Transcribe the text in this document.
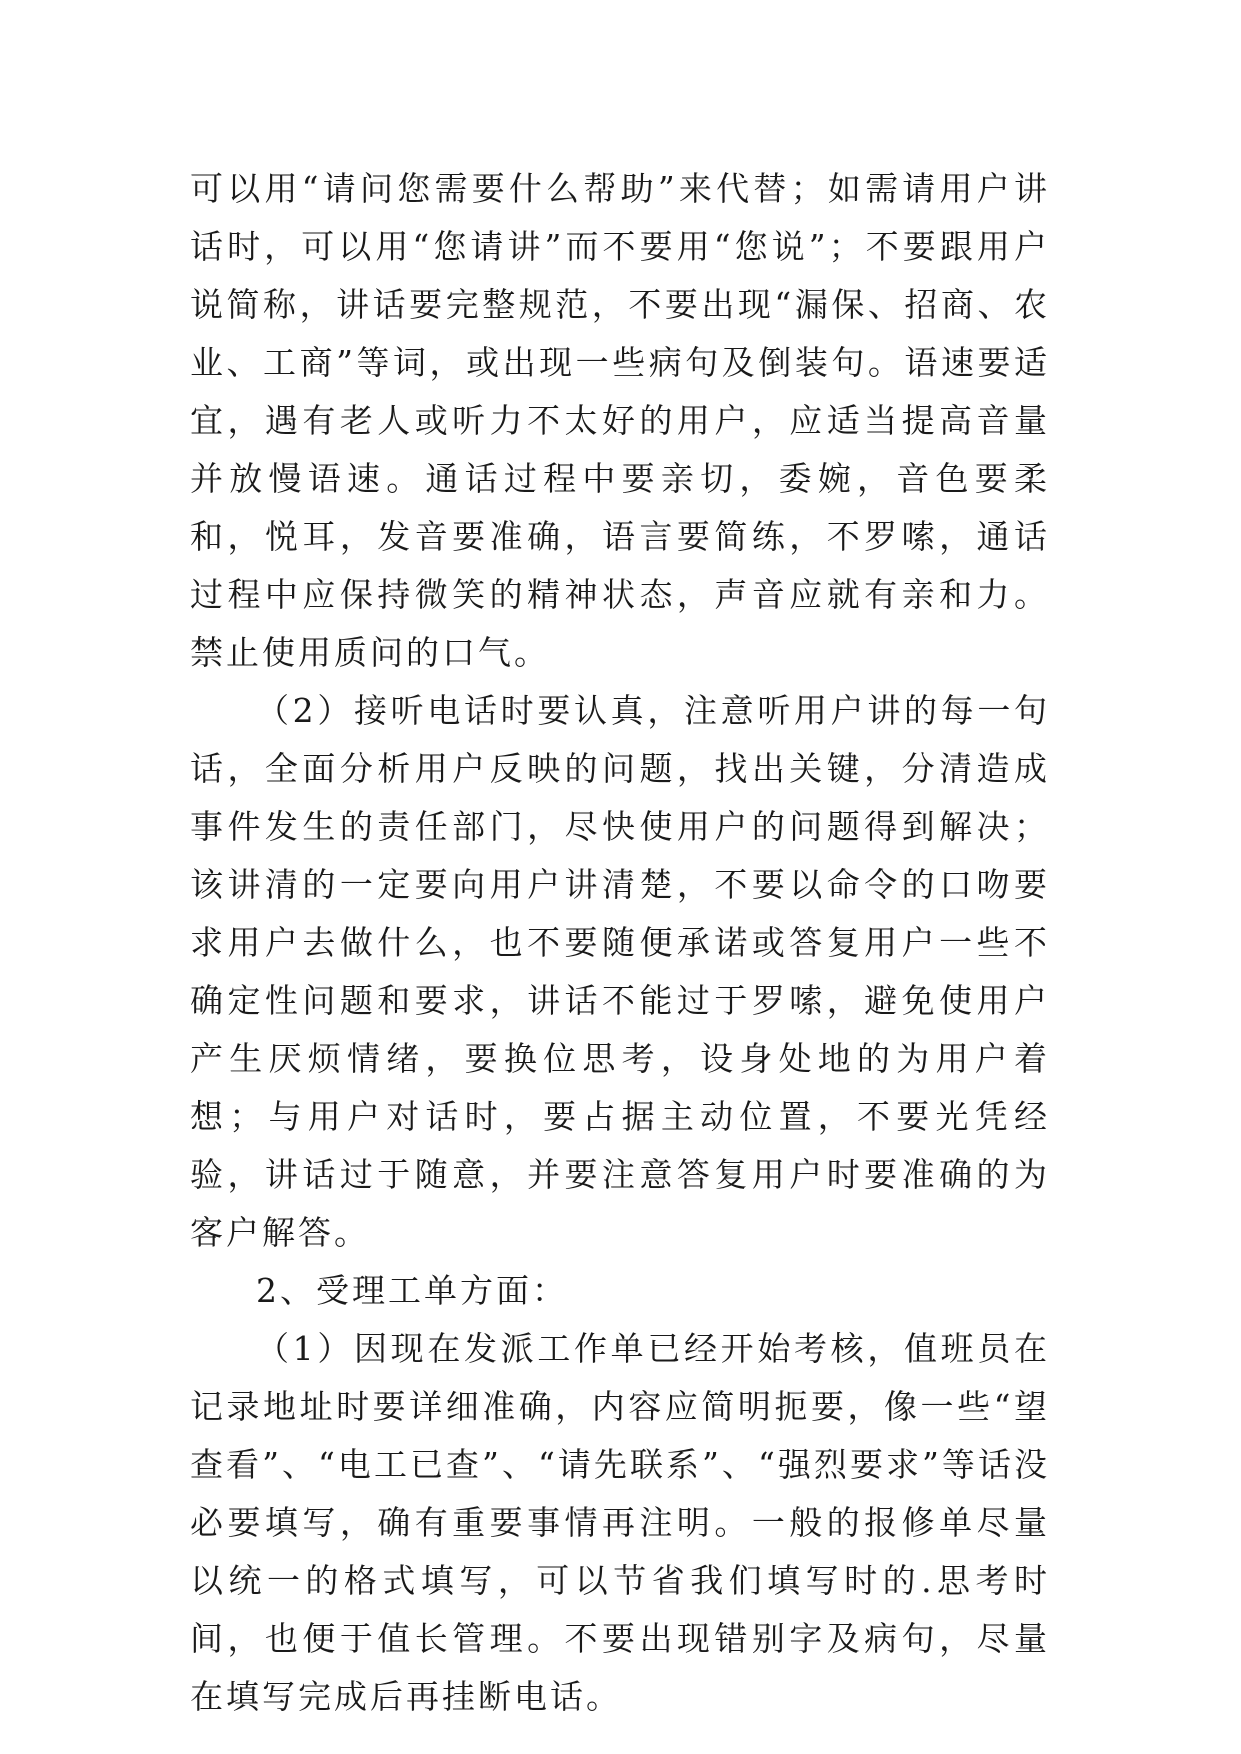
可以用“请问您需要什么帮助”来代替；如需请用户讲话时，可以用“您请讲”而不要用“您说”；不要跟用户说简称，讲话要完整规范，不要出现“漏保、招商、农业、工商”等词，或出现一些病句及倒装句。语速要适宜，遇有老人或听力不太好的用户，应适当提高音量并放慢语速。通话过程中要亲切，委婉，音色要柔和，悦耳，发音要准确，语言要简练，不罗嗦，通话过程中应保持微笑的精神状态，声音应就有亲和力。禁止使用质问的口气。

（2）接听电话时要认真，注意听用户讲的每一句话，全面分析用户反映的问题，找出关键，分清造成事件发生的责任部门，尽快使用户的问题得到解决；该讲清的一定要向用户讲清楚，不要以命令的口吻要求用户去做什么，也不要随便承诺或答复用户一些不确定性问题和要求，讲话不能过于罗嗦，避免使用户产生厌烦情绪，要换位思考，设身处地的为用户着想；与用户对话时，要占据主动位置，不要光凭经验，讲话过于随意，并要注意答复用户时要准确的为客户解答。

2、受理工单方面：

（1）因现在发派工作单已经开始考核，值班员在记录地址时要详细准确，内容应简明扼要，像一些“望查看”、“电工已查”、“请先联系”、“强烈要求”等话没必要填写，确有重要事情再注明。一般的报修单尽量以统一的格式填写，可以节省我们填写时的.思考时间，也便于值长管理。不要出现错别字及病句，尽量在填写完成后再挂断电话。
